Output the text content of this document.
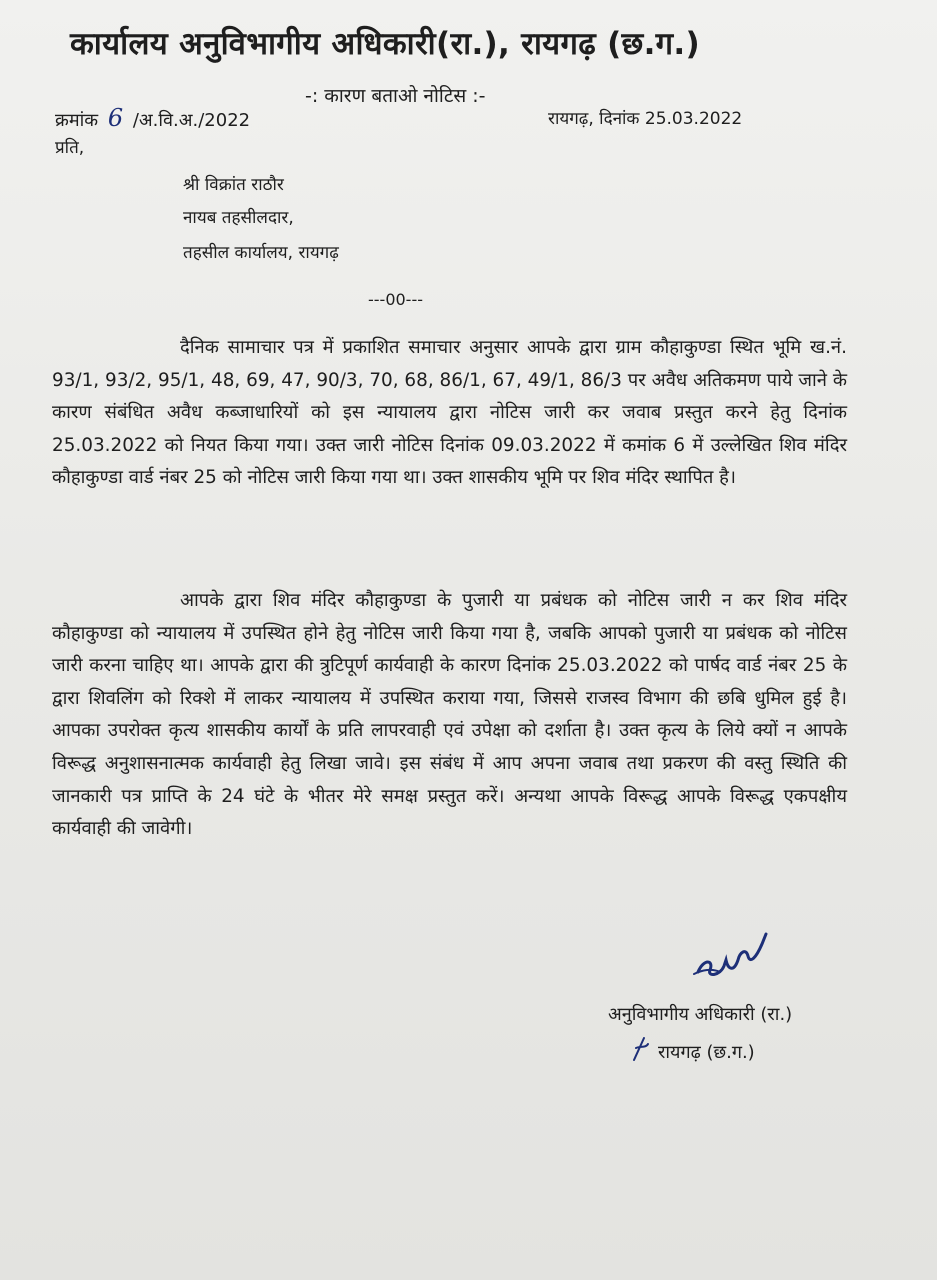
कार्यालय अनुविभागीय अधिकारी(रा.), रायगढ़ (छ.ग.)
-: कारण बताओ नोटिस :-
क्रमांक 6 /अ.वि.अ./2022	रायगढ़, दिनांक 25.03.2022
प्रति,
श्री विक्रांत राठौर
नायब तहसीलदार,
तहसील कार्यालय, रायगढ़
---00---

दैनिक सामाचार पत्र में प्रकाशित समाचार अनुसार आपके द्वारा ग्राम कौहाकुण्डा स्थित भूमि ख.नं. 93/1, 93/2, 95/1, 48, 69, 47, 90/3, 70, 68, 86/1, 67, 49/1, 86/3 पर अवैध अतिकमण पाये जाने के कारण संबंधित अवैध कब्जाधारियों को इस न्यायालय द्वारा नोटिस जारी कर जवाब प्रस्तुत करने हेतु दिनांक 25.03.2022 को नियत किया गया। उक्त जारी नोटिस दिनांक 09.03.2022 में कमांक 6 में उल्लेखित शिव मंदिर कौहाकुण्डा वार्ड नंबर 25 को नोटिस जारी किया गया था। उक्त शासकीय भूमि पर शिव मंदिर स्थापित है।

आपके द्वारा शिव मंदिर कौहाकुण्डा के पुजारी या प्रबंधक को नोटिस जारी न कर शिव मंदिर कौहाकुण्डा को न्यायालय में उपस्थित होने हेतु नोटिस जारी किया गया है, जबकि आपको पुजारी या प्रबंधक को नोटिस जारी करना चाहिए था। आपके द्वारा की त्रुटिपूर्ण कार्यवाही के कारण दिनांक 25.03.2022 को पार्षद वार्ड नंबर 25 के द्वारा शिवलिंग को रिक्शे में लाकर न्यायालय में उपस्थित कराया गया, जिससे राजस्व विभाग की छबि धुमिल हुई है। आपका उपरोक्त कृत्य शासकीय कार्यों के प्रति लापरवाही एवं उपेक्षा को दर्शाता है। उक्त कृत्य के लिये क्यों न आपके विरूद्ध अनुशासनात्मक कार्यवाही हेतु लिखा जावे। इस संबंध में आप अपना जवाब तथा प्रकरण की वस्तु स्थिति की जानकारी पत्र प्राप्ति के 24 घंटे के भीतर मेरे समक्ष प्रस्तुत करें। अन्यथा आपके विरूद्ध आपके विरूद्ध एकपक्षीय कार्यवाही की जावेगी।

अनुविभागीय अधिकारी (रा.)
रायगढ़ (छ.ग.)
